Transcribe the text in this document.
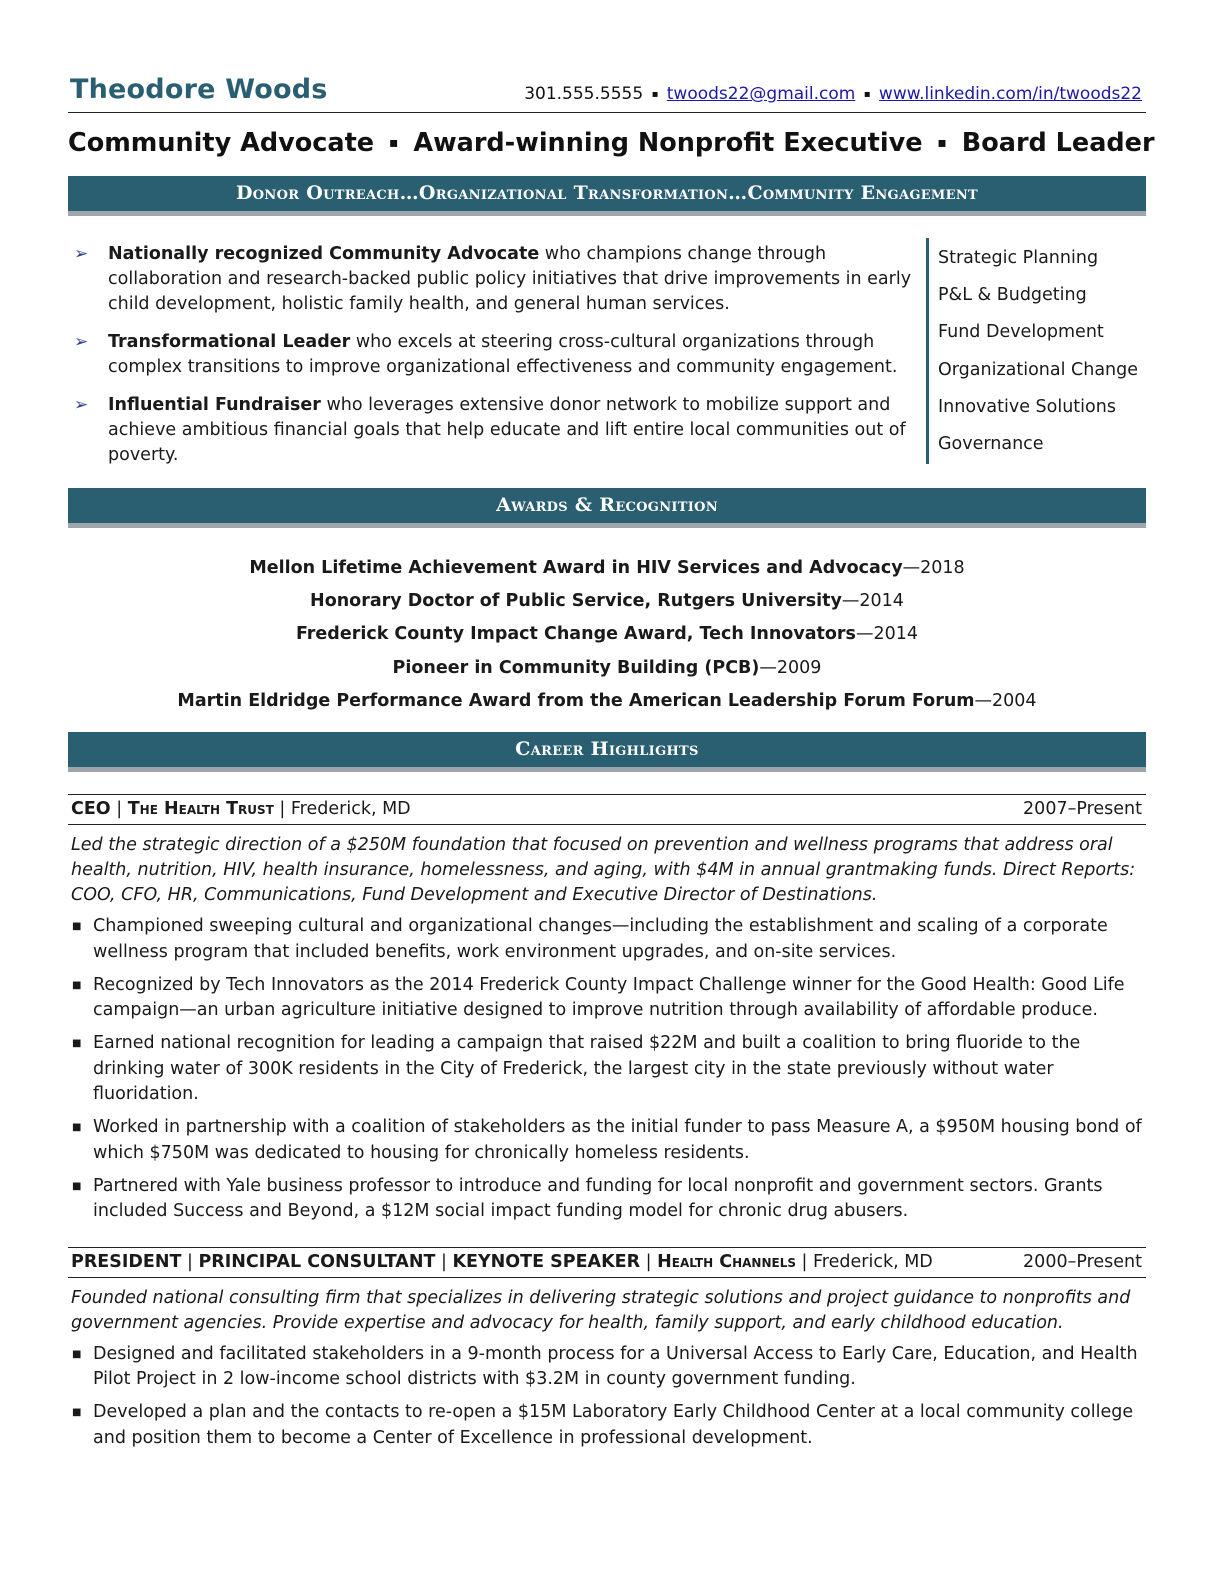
Theodore Woods	301.555.5555 ▪ twoods22@gmail.com ▪ www.linkedin.com/in/twoods22
Community Advocate ▪ Award-winning Nonprofit Executive ▪ Board Leader
Donor Outreach…Organizational Transformation…Community Engagement
➢ Nationally recognized Community Advocate who champions change through collaboration and research-backed public policy initiatives that drive improvements in early child development, holistic family health, and general human services.
➢ Transformational Leader who excels at steering cross-cultural organizations through complex transitions to improve organizational effectiveness and community engagement.
➢ Influential Fundraiser who leverages extensive donor network to mobilize support and achieve ambitious financial goals that help educate and lift entire local communities out of poverty.
Strategic Planning
P&L & Budgeting
Fund Development
Organizational Change
Innovative Solutions
Governance
Awards & Recognition
Mellon Lifetime Achievement Award in HIV Services and Advocacy—2018
Honorary Doctor of Public Service, Rutgers University—2014
Frederick County Impact Change Award, Tech Innovators—2014
Pioneer in Community Building (PCB)—2009
Martin Eldridge Performance Award from the American Leadership Forum Forum—2004
Career Highlights
CEO | The Health Trust | Frederick, MD	2007–Present
Led the strategic direction of a $250M foundation that focused on prevention and wellness programs that address oral health, nutrition, HIV, health insurance, homelessness, and aging, with $4M in annual grantmaking funds. Direct Reports: COO, CFO, HR, Communications, Fund Development and Executive Director of Destinations.
■ Championed sweeping cultural and organizational changes—including the establishment and scaling of a corporate wellness program that included benefits, work environment upgrades, and on-site services.
■ Recognized by Tech Innovators as the 2014 Frederick County Impact Challenge winner for the Good Health: Good Life campaign—an urban agriculture initiative designed to improve nutrition through availability of affordable produce.
■ Earned national recognition for leading a campaign that raised $22M and built a coalition to bring fluoride to the drinking water of 300K residents in the City of Frederick, the largest city in the state previously without water fluoridation.
■ Worked in partnership with a coalition of stakeholders as the initial funder to pass Measure A, a $950M housing bond of which $750M was dedicated to housing for chronically homeless residents.
■ Partnered with Yale business professor to introduce and funding for local nonprofit and government sectors. Grants included Success and Beyond, a $12M social impact funding model for chronic drug abusers.
PRESIDENT | PRINCIPAL CONSULTANT | KEYNOTE SPEAKER | Health Channels | Frederick, MD	2000–Present
Founded national consulting firm that specializes in delivering strategic solutions and project guidance to nonprofits and government agencies. Provide expertise and advocacy for health, family support, and early childhood education.
■ Designed and facilitated stakeholders in a 9-month process for a Universal Access to Early Care, Education, and Health Pilot Project in 2 low-income school districts with $3.2M in county government funding.
■ Developed a plan and the contacts to re-open a $15M Laboratory Early Childhood Center at a local community college and position them to become a Center of Excellence in professional development.
